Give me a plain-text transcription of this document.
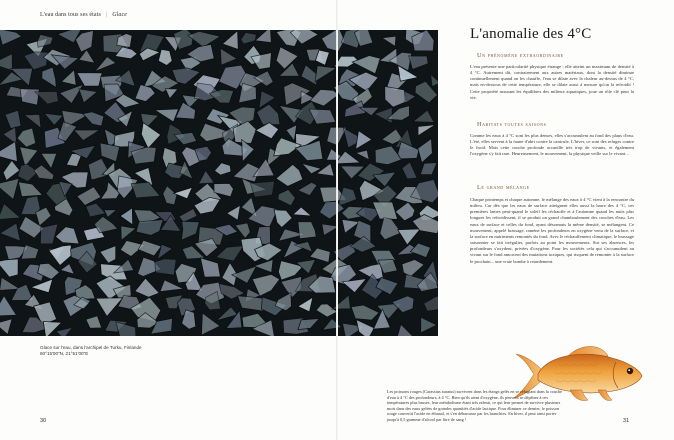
L'eau dans tous ses états | Glace
Glace sur l'eau, dans l'archipel de Turku, Finlande
60°15'00"N, 21°51'00"E
30
L'anomalie des 4°C
Un phénomène extraordinaire
L'eau présente une particularité physique étrange : elle atteint un maximum de densité à 4 °C. Autrement dit, contrairement aux autres matériaux, dont la densité diminue continuellement quand on les chauffe, l'eau se dilate avec la chaleur au-dessus de 4 °C, mais en-dessous de cette température, elle se dilate aussi à mesure qu'on la refroidit ! Cette propriété assurant les équilibres des milieux aquatiques, joue un rôle clé pour la vie.
Habitats toutes saisons
Comme les eaux à 4 °C sont les plus denses, elles s'accumulent au fond des plans d'eau. L'été, elles servent à la faune d'abri contre la canicule. L'hiver, ce sont des refuges contre le froid. Mais cette couche profonde accueille très trop de vivants, et également l'oxygène s'y fait rare. Heureusement, le mouvement, la physique veille sur le vivant…
Le grand mélange
Chaque printemps et chaque automne, le mélange des eaux à 4 °C vient à la rencontre du milieu. Car dès que les eaux de surface atteignent elles aussi la barre des 4 °C, ces premières lames peut-quand le soleil les réchauffe et à l'automne quand les nuits plus longues les refroidissent, il se produit un grand chamboulement des couches d'eau. Les eaux de surface et celles du fond, ayant désormais la même densité, se mélangent. Ce mouvement, appelé brassage, ramène les profondeurs en oxygène venu de la surface, et la surface en nutriments remontés du fond. Avec le réchauffement climatique, le brassage saisonnier se fait irrégulier, parfois au point les mouvements. Sur ses absences, les profondeurs s'oxydent, privées d'oxygène. Pour les sociétés cela qui s'accumulent au vivant sur le fond amorcent des mutations toxiques, qui risquent de remonter à la surface le prochain – une vraie bombe à retardement.
Les poissons rouges (Carassius auratus) survivent dans les étangs gelés en se réfugiant dans la couche d'eau à 4 °C des profondeurs, à 4 °C. Bien qu'ils aient d'oxygène, ils peuvent se dépêtrer à ces températures plus basses, leur métabolisme étant très ralenti, ce qui leur permet de survivre plusieurs mois dans des eaux gelées de grandes quantités d'acide lactique. Pour éliminer ce dernier, le poisson rouge convertit l'acide en éthanol, et s'en débarrasse par les branchies. En hiver, il peut ainsi porter jusqu'à 0,5 gramme d'alcool par litre de sang !	31
